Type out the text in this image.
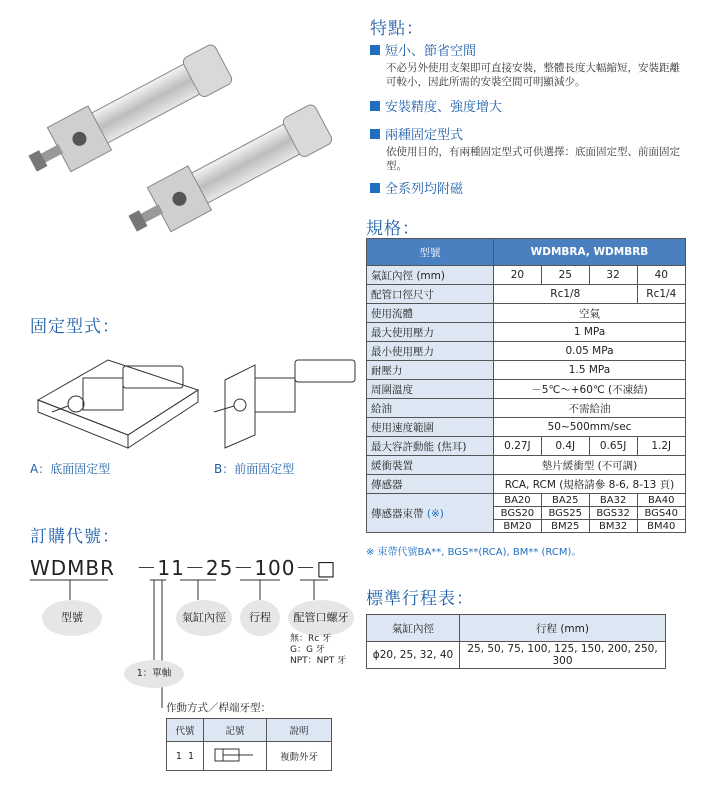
特點：
短小、節省空間
不必另外使用支架即可直接安裝，整體長度大幅縮短，安裝距離可較小，因此所需的安裝空間可明顯減少。
安裝精度、強度增大
兩種固定型式
依使用目的，有兩種固定型式可供選擇：底面固定型、前面固定型。
全系列均附磁
規格：
型號	WDMBRA, WDMBRB			
氣缸內徑 (mm)	20	25	32	40
配管口徑尺寸	Rc1/8			Rc1/4
使用流體	空氣			
最大使用壓力	1 MPa			
最小使用壓力	0.05 MPa			
耐壓力	1.5 MPa			
周圍溫度	－5℃～+60℃ (不凍結)			
給油	不需給油			
使用速度範圍	50~500mm/sec			
最大容許動能 (焦耳)	0.27J	0.4J	0.65J	1.2J
緩衝裝置	墊片緩衝型 (不可調)			
傳感器	RCA, RCM (規格請參 8-6, 8-13 頁)			
傳感器束帶 (※)	BA20	BA25	BA32	BA40
	BGS20	BGS25	BGS32	BGS40
	BM20	BM25	BM32	BM40
※ 束帶代號BA**, BGS**(RCA), BM** (RCM)。
固定型式：
A：底面固定型	B：前面固定型
訂購代號：
WDMBR －11－25－100－□
型號	氣缸內徑	行程	配管口螺牙
無：Rc 牙
G：G 牙
NPT：NPT 牙
1：單軸
作動方式／桿端牙型：
代號	記號	說明
1 1		複動外牙
標準行程表：
氣缸內徑	行程 (mm)
ϕ20, 25, 32, 40	25, 50, 75, 100, 125, 150, 200, 250, 300
